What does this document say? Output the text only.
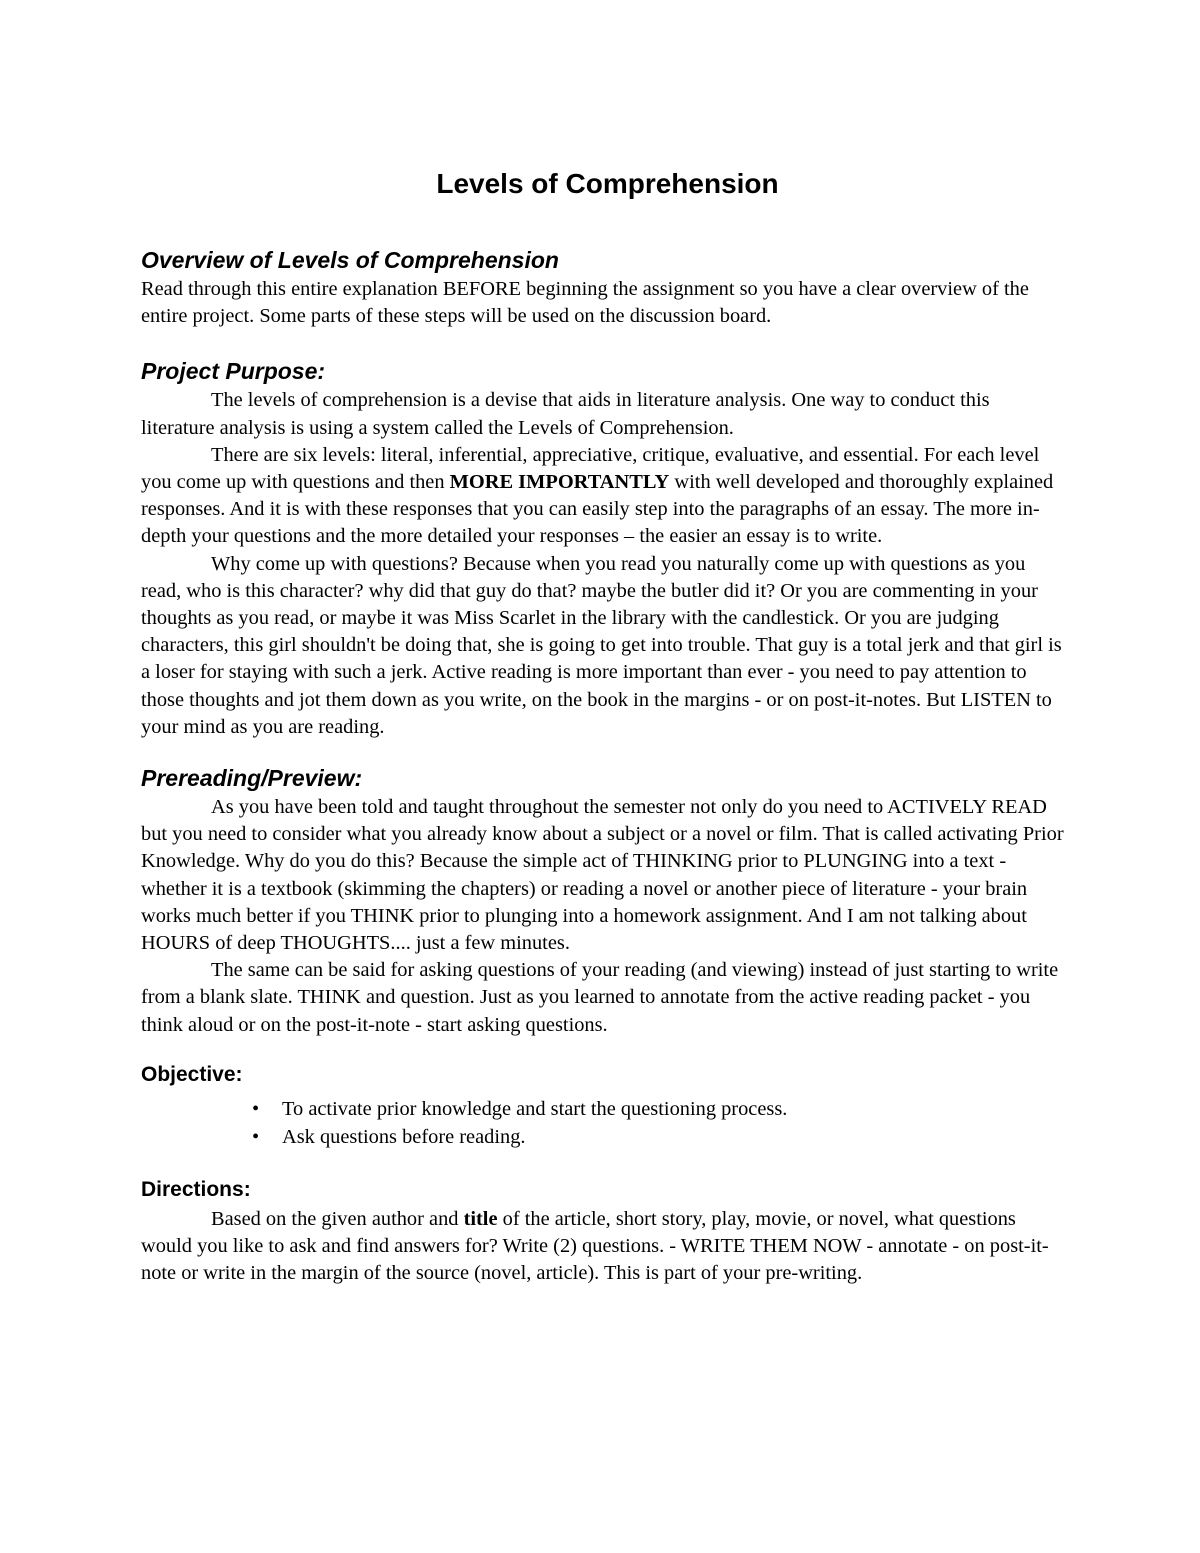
Levels of Comprehension
Overview of Levels of Comprehension

Read through this entire explanation BEFORE beginning the assignment so you have a clear overview of the entire project. Some parts of these steps will be used on the discussion board.

Project Purpose:

The levels of comprehension is a devise that aids in literature analysis. One way to conduct this literature analysis is using a system called the Levels of Comprehension.

There are six levels: literal, inferential, appreciative, critique, evaluative, and essential. For each level you come up with questions and then MORE IMPORTANTLY with well developed and thoroughly explained responses. And it is with these responses that you can easily step into the paragraphs of an essay. The more in-depth your questions and the more detailed your responses – the easier an essay is to write.

Why come up with questions? Because when you read you naturally come up with questions as you read, who is this character? why did that guy do that? maybe the butler did it? Or you are commenting in your thoughts as you read, or maybe it was Miss Scarlet in the library with the candlestick. Or you are judging characters, this girl shouldn't be doing that, she is going to get into trouble. That guy is a total jerk and that girl is a loser for staying with such a jerk. Active reading is more important than ever - you need to pay attention to those thoughts and jot them down as you write, on the book in the margins - or on post-it-notes. But LISTEN to your mind as you are reading.

Prereading/Preview:

As you have been told and taught throughout the semester not only do you need to ACTIVELY READ but you need to consider what you already know about a subject or a novel or film. That is called activating Prior Knowledge. Why do you do this? Because the simple act of THINKING prior to PLUNGING into a text - whether it is a textbook (skimming the chapters) or reading a novel or another piece of literature - your brain works much better if you THINK prior to plunging into a homework assignment. And I am not talking about HOURS of deep THOUGHTS.... just a few minutes.

The same can be said for asking questions of your reading (and viewing) instead of just starting to write from a blank slate. THINK and question. Just as you learned to annotate from the active reading packet - you think aloud or on the post-it-note - start asking questions.

Objective:
• To activate prior knowledge and start the questioning process.
• Ask questions before reading.
Directions:

Based on the given author and title of the article, short story, play, movie, or novel, what questions would you like to ask and find answers for? Write (2) questions. - WRITE THEM NOW - annotate - on post-it-note or write in the margin of the source (novel, article). This is part of your pre-writing.
